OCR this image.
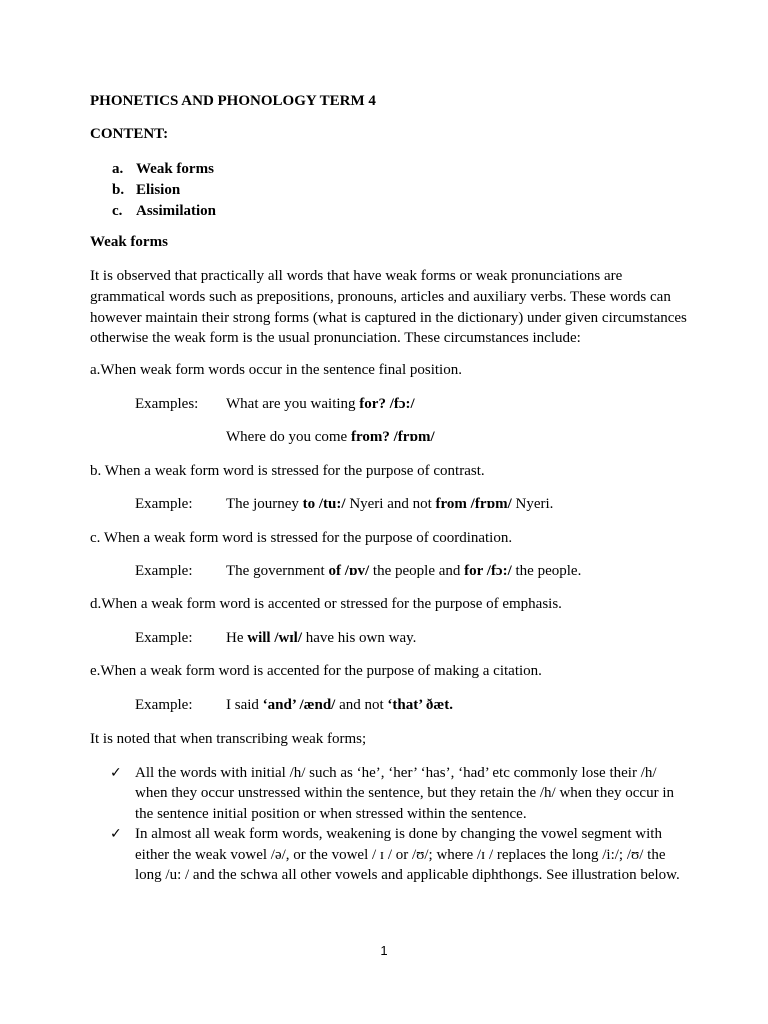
PHONETICS AND PHONOLOGY TERM 4
CONTENT:
a. Weak forms
b. Elision
c. Assimilation
Weak forms
It is observed that practically all words that have weak forms or weak pronunciations are grammatical words such as prepositions, pronouns, articles and auxiliary verbs. These words can however maintain their strong forms (what is captured in the dictionary) under given circumstances otherwise the weak form is the usual pronunciation. These circumstances include:
a.When weak form words occur in the sentence final position.
Examples: What are you waiting for? /fɔ:/
Where do you come from? /frɒm/
b. When a weak form word is stressed for the purpose of contrast.
Example: The journey to /tu:/ Nyeri and not from /frɒm/ Nyeri.
c. When a weak form word is stressed for the purpose of coordination.
Example: The government of /ɒv/ the people and for /fɔ:/ the people.
d.When a weak form word is accented or stressed for the purpose of emphasis.
Example: He will /wɪl/ have his own way.
e.When a weak form word is accented for the purpose of making a citation.
Example: I said ‘and’ /ænd/ and not ‘that’ ðæt.
It is noted that when transcribing weak forms;
✓ All the words with initial /h/ such as ‘he’, ‘her’ ‘has’, ‘had’ etc commonly lose their /h/ when they occur unstressed within the sentence, but they retain the /h/ when they occur in the sentence initial position or when stressed within the sentence.
✓ In almost all weak form words, weakening is done by changing the vowel segment with either the weak vowel /ə/, or the vowel / ɪ / or /ʊ/; where /ɪ / replaces the long /i:/; /ʊ/ the long /u: / and the schwa all other vowels and applicable diphthongs. See illustration below.
1
